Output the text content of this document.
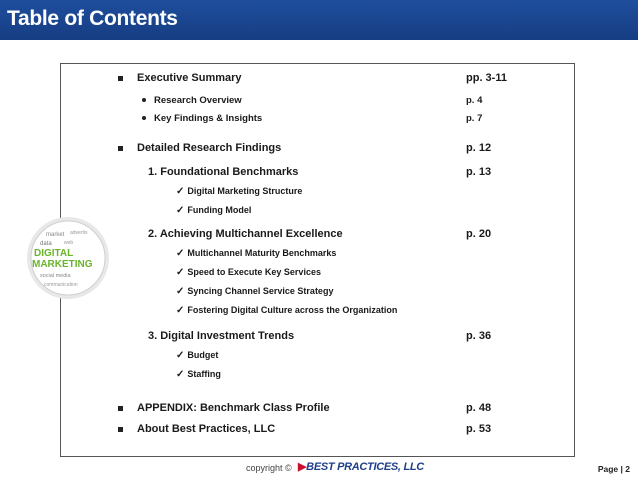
Table of Contents
Executive Summary	pp. 3-11
Research Overview	p. 4
Key Findings & Insights	p. 7
Detailed Research Findings	p. 12
1. Foundational Benchmarks	p. 13
✓ Digital Marketing Structure
✓ Funding Model
2. Achieving Multichannel Excellence	p. 20
✓ Multichannel Maturity Benchmarks
✓ Speed to Execute Key Services
✓ Syncing Channel Service Strategy
✓ Fostering Digital Culture across the Organization
3. Digital Investment Trends	p. 36
✓ Budget
✓ Staffing
APPENDIX: Benchmark Class Profile	p. 48
About Best Practices, LLC	p. 53
market advertis
data web
DIGITAL
MARKETING
social media
communication
copyright © ▶BEST PRACTICES, LLC	Page | 2
